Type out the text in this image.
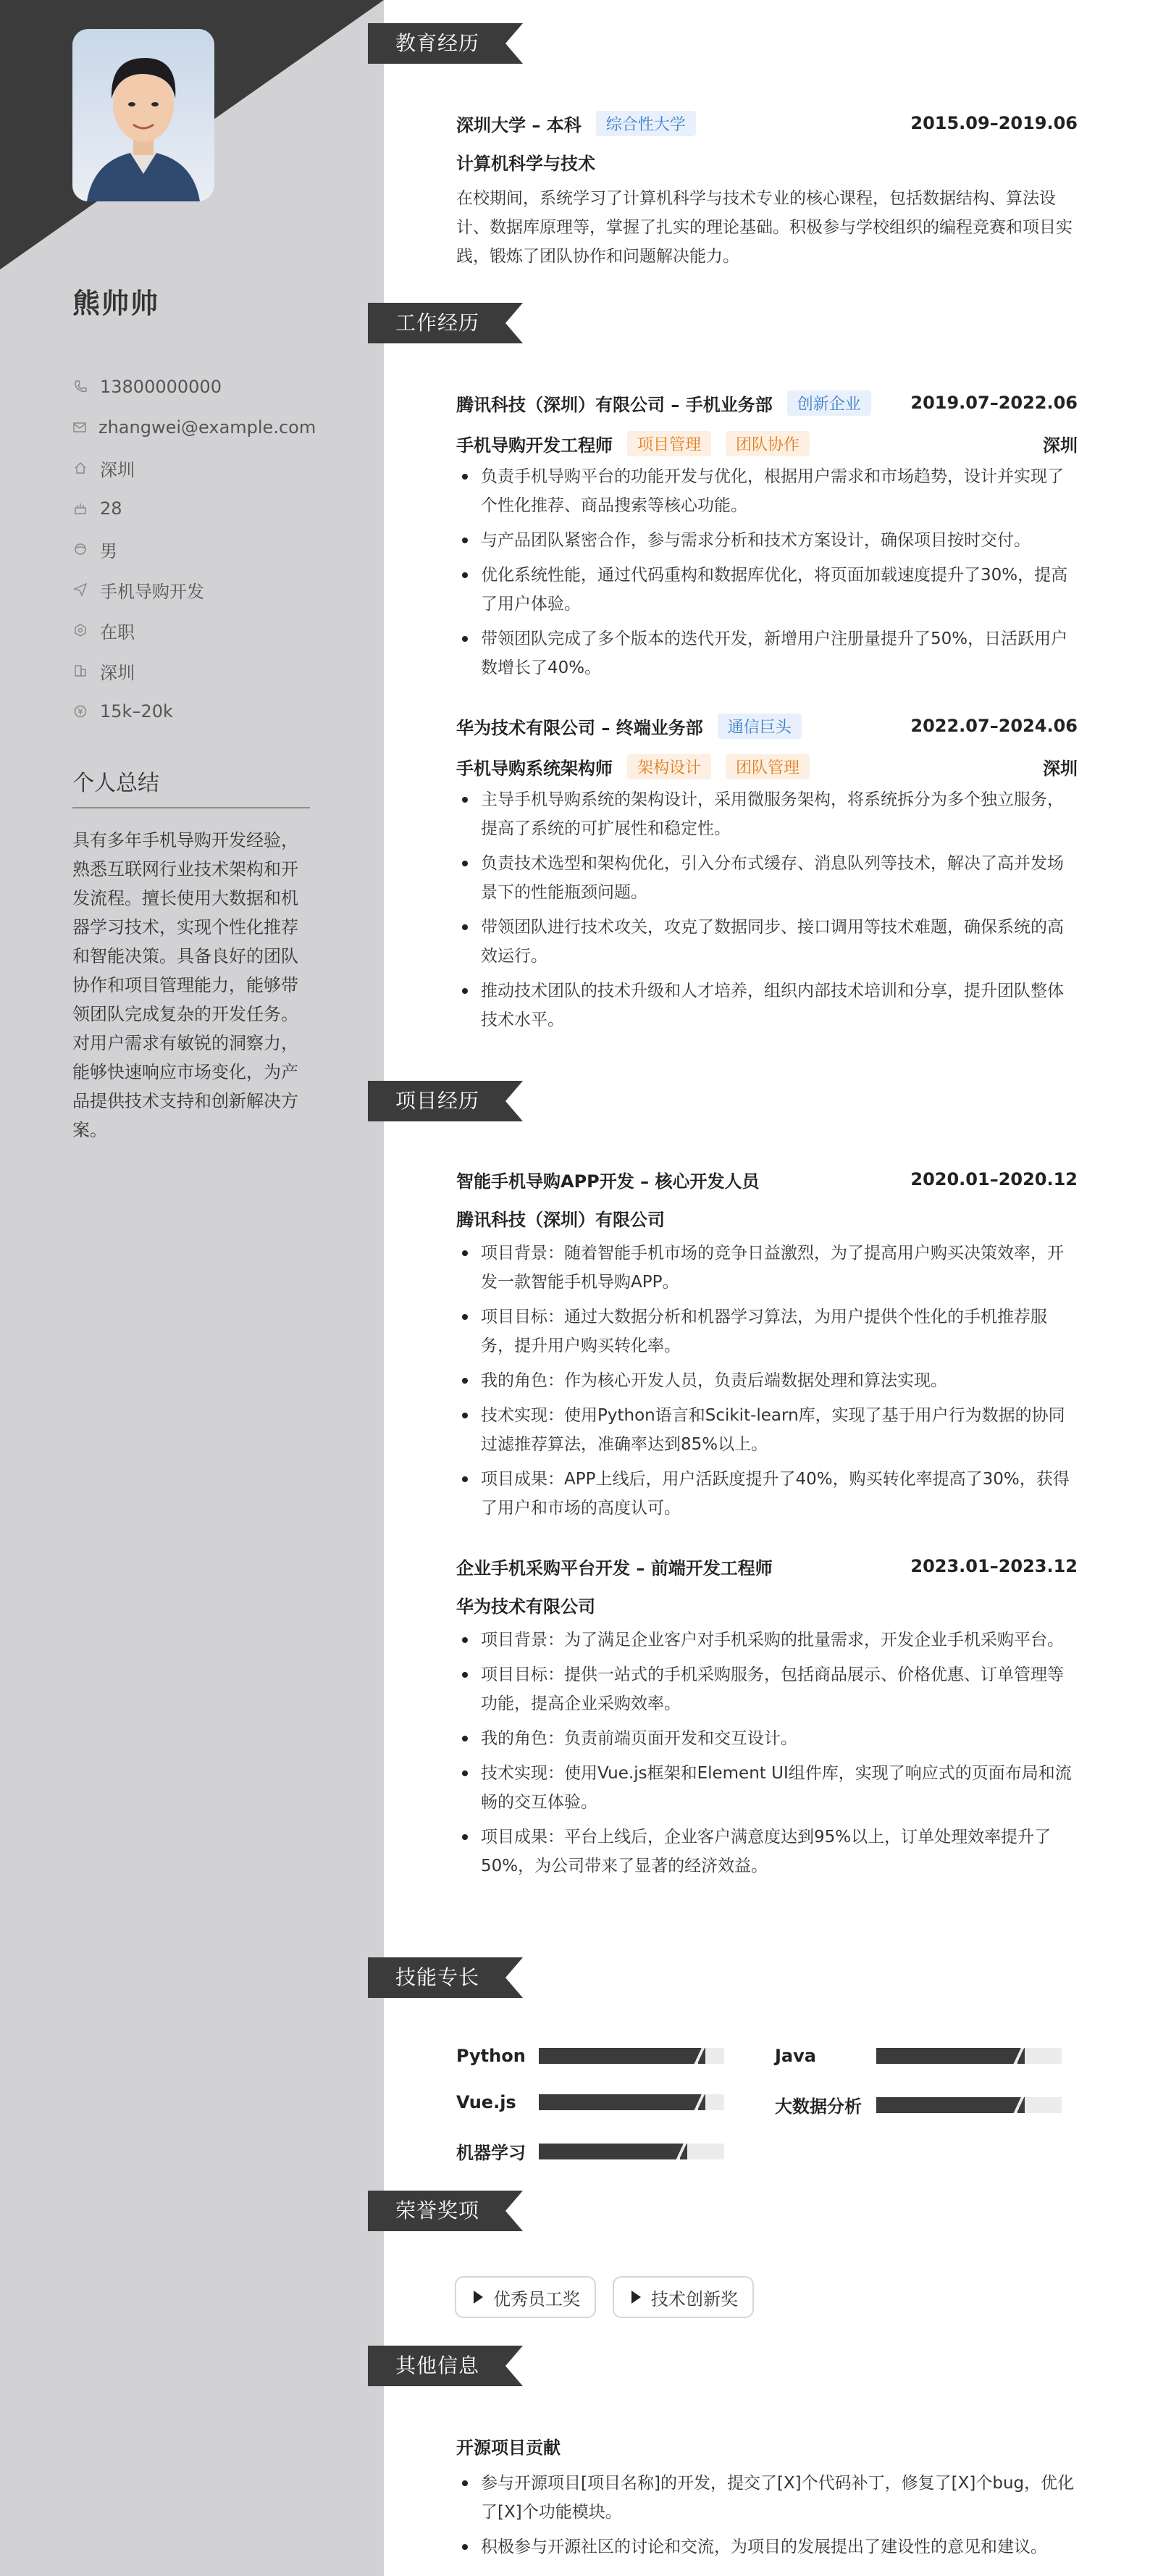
熊帅帅
13800000000
zhangwei@example.com
深圳
28
男
手机导购开发
在职
深圳
15k–20k
个人总结
具有多年手机导购开发经验，熟悉互联网行业技术架构和开发流程。擅长使用大数据和机器学习技术，实现个性化推荐和智能决策。具备良好的团队协作和项目管理能力，能够带领团队完成复杂的开发任务。对用户需求有敏锐的洞察力，能够快速响应市场变化，为产品提供技术支持和创新解决方案。
教育经历
深圳大学 – 本科	综合性大学	2015.09–2019.06
计算机科学与技术
在校期间，系统学习了计算机科学与技术专业的核心课程，包括数据结构、算法设计、数据库原理等，掌握了扎实的理论基础。积极参与学校组织的编程竞赛和项目实践，锻炼了团队协作和问题解决能力。
工作经历
腾讯科技（深圳）有限公司 – 手机业务部	创新企业	2019.07–2022.06
手机导购开发工程师	项目管理	团队协作	深圳
负责手机导购平台的功能开发与优化，根据用户需求和市场趋势，设计并实现了个性化推荐、商品搜索等核心功能。
与产品团队紧密合作，参与需求分析和技术方案设计，确保项目按时交付。
优化系统性能，通过代码重构和数据库优化，将页面加载速度提升了30%，提高了用户体验。
带领团队完成了多个版本的迭代开发，新增用户注册量提升了50%，日活跃用户数增长了40%。
华为技术有限公司 – 终端业务部	通信巨头	2022.07–2024.06
手机导购系统架构师	架构设计	团队管理	深圳
主导手机导购系统的架构设计，采用微服务架构，将系统拆分为多个独立服务，提高了系统的可扩展性和稳定性。
负责技术选型和架构优化，引入分布式缓存、消息队列等技术，解决了高并发场景下的性能瓶颈问题。
带领团队进行技术攻关，攻克了数据同步、接口调用等技术难题，确保系统的高效运行。
推动技术团队的技术升级和人才培养，组织内部技术培训和分享，提升团队整体技术水平。
项目经历
智能手机导购APP开发 – 核心开发人员	2020.01–2020.12
腾讯科技（深圳）有限公司
项目背景：随着智能手机市场的竞争日益激烈，为了提高用户购买决策效率，开发一款智能手机导购APP。
项目目标：通过大数据分析和机器学习算法，为用户提供个性化的手机推荐服务，提升用户购买转化率。
我的角色：作为核心开发人员，负责后端数据处理和算法实现。
技术实现：使用Python语言和Scikit-learn库，实现了基于用户行为数据的协同过滤推荐算法，准确率达到85%以上。
项目成果：APP上线后，用户活跃度提升了40%，购买转化率提高了30%，获得了用户和市场的高度认可。
企业手机采购平台开发 – 前端开发工程师	2023.01–2023.12
华为技术有限公司
项目背景：为了满足企业客户对手机采购的批量需求，开发企业手机采购平台。
项目目标：提供一站式的手机采购服务，包括商品展示、价格优惠、订单管理等功能，提高企业采购效率。
我的角色：负责前端页面开发和交互设计。
技术实现：使用Vue.js框架和Element UI组件库，实现了响应式的页面布局和流畅的交互体验。
项目成果：平台上线后，企业客户满意度达到95%以上，订单处理效率提升了50%，为公司带来了显著的经济效益。
技能专长
Python	Java
Vue.js	大数据分析
机器学习
荣誉奖项
优秀员工奖	技术创新奖
其他信息
开源项目贡献
参与开源项目[项目名称]的开发，提交了[X]个代码补丁，修复了[X]个bug，优化了[X]个功能模块。
积极参与开源社区的讨论和交流，为项目的发展提出了建设性的意见和建议。
